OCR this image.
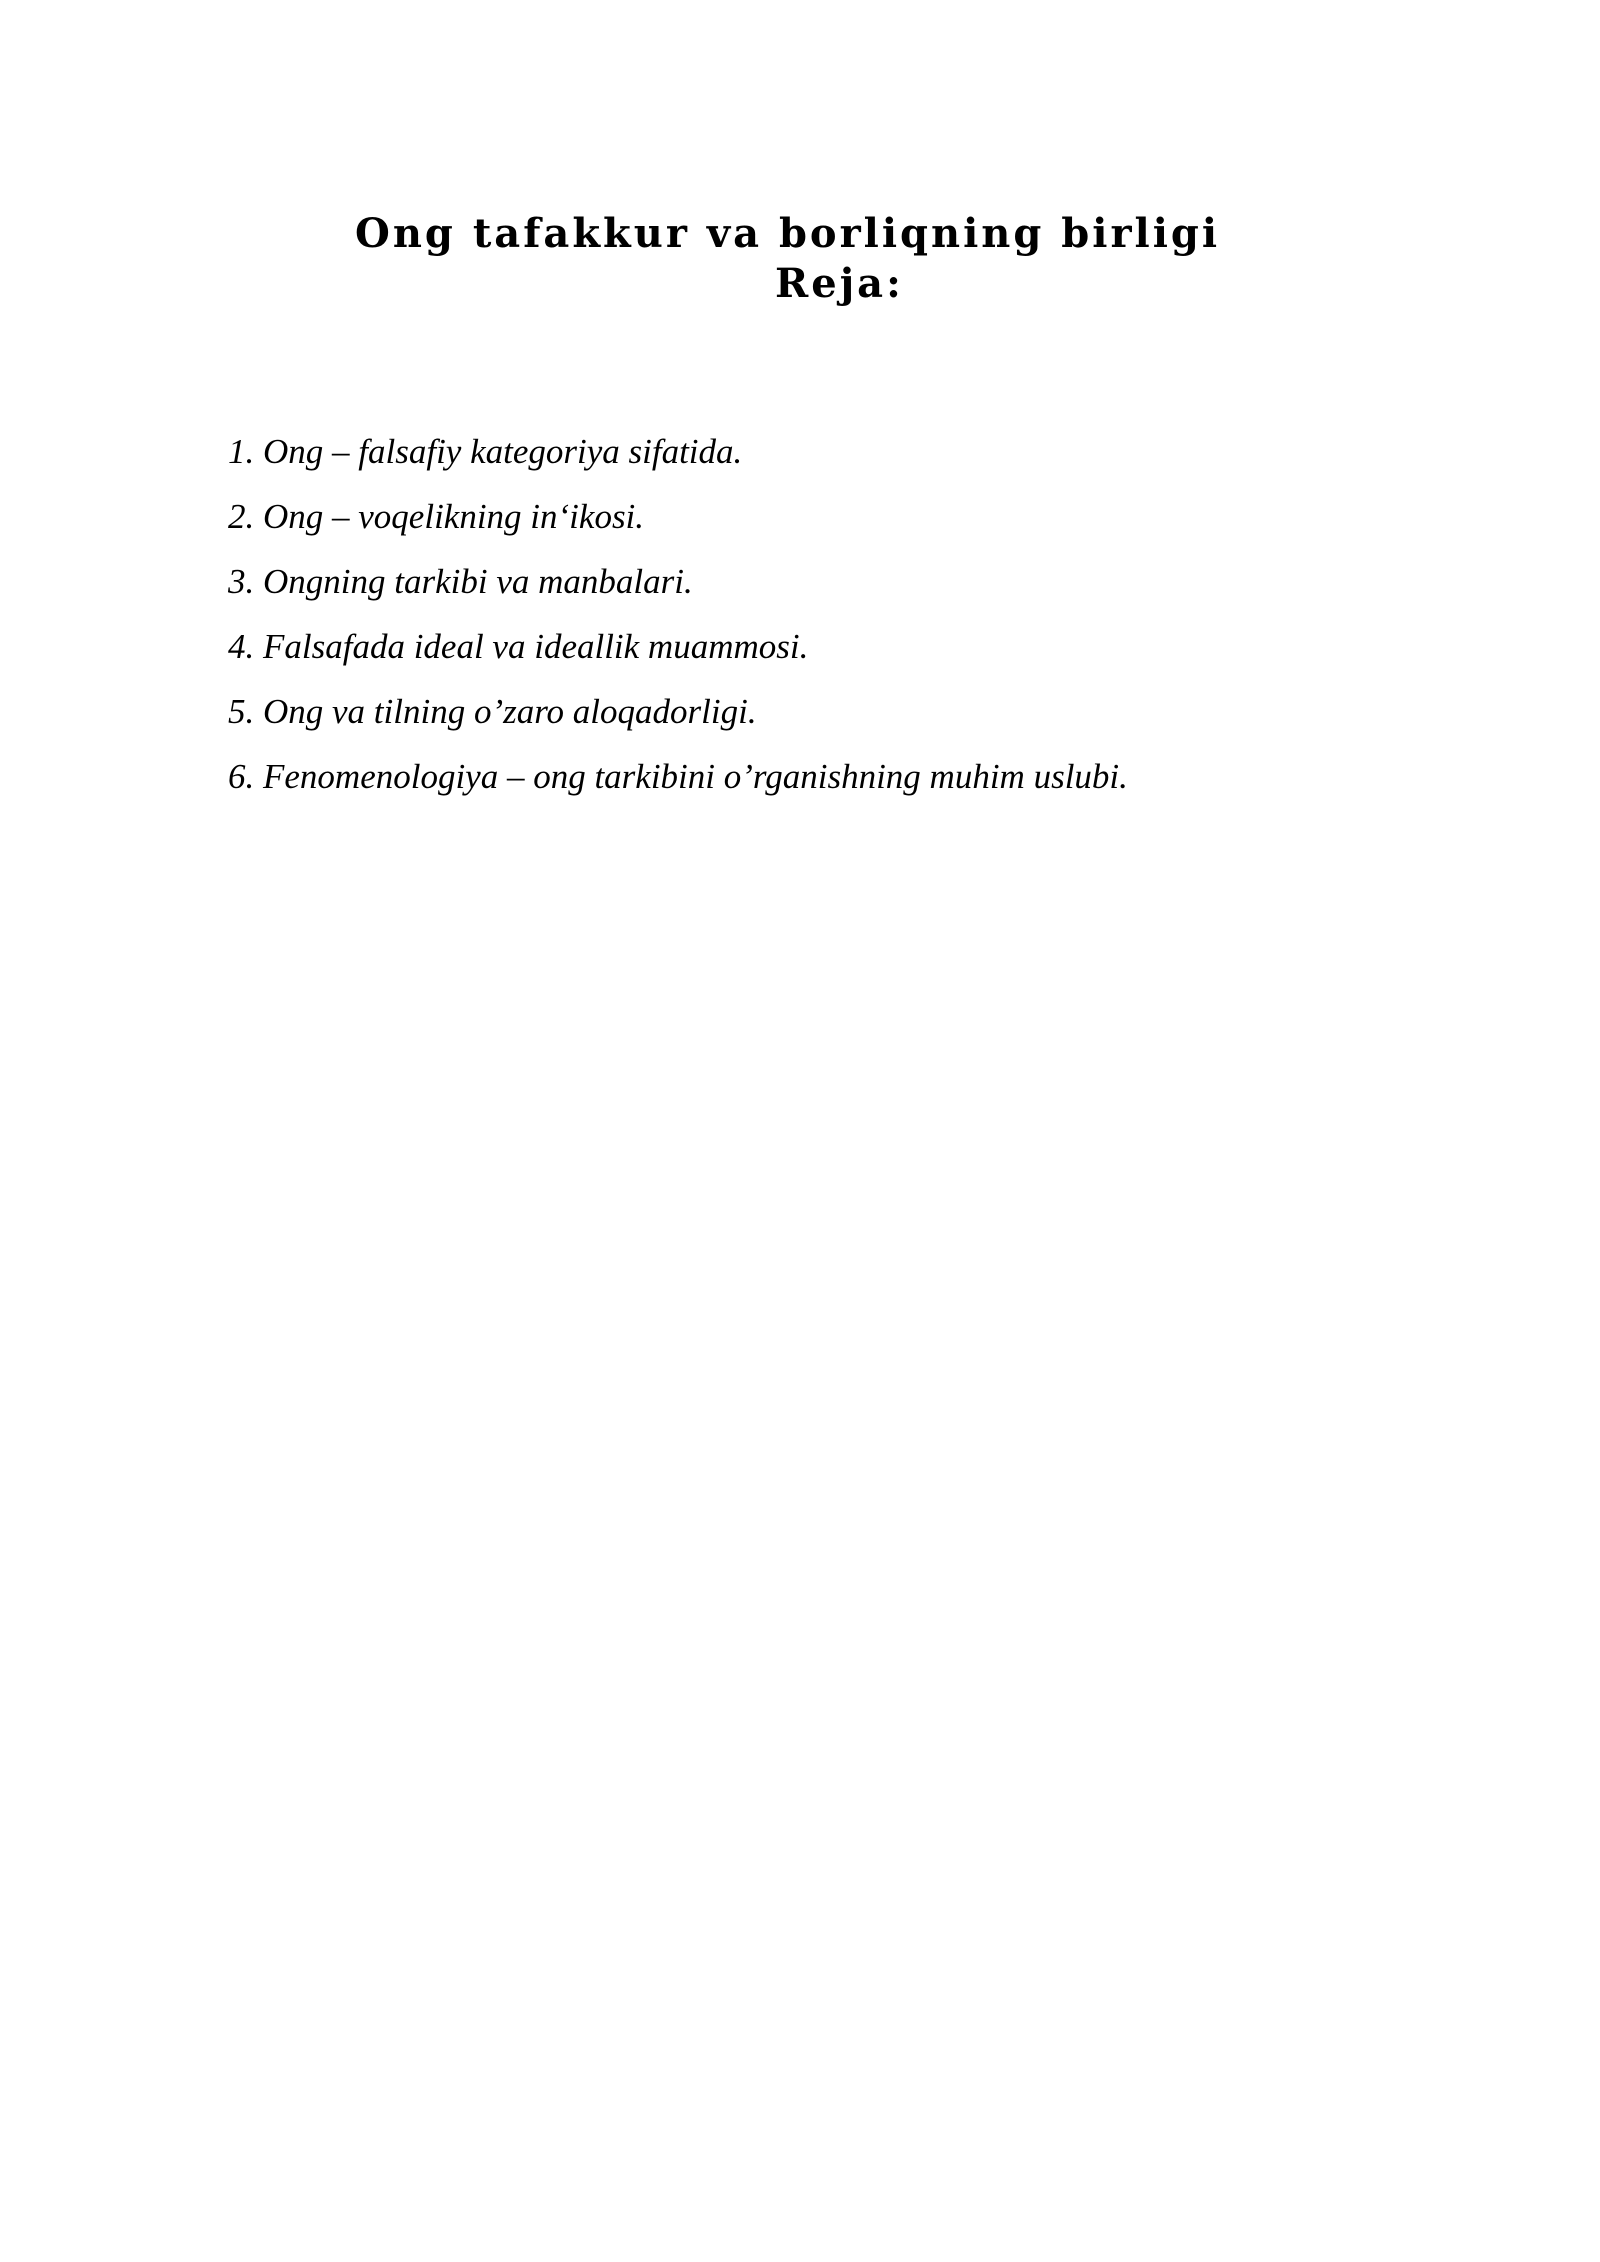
Ong tafakkur va borliqning birligi
Reja:
1. Ong – falsafiy kategoriya sifatida.
2. Ong – voqelikning in‘ikosi.
3. Ongning tarkibi va manbalari.
4. Falsafada ideal va ideallik muammosi.
5. Ong va tilning o’zaro aloqadorligi.
6. Fenomenologiya – ong tarkibini o’rganishning muhim uslubi.
